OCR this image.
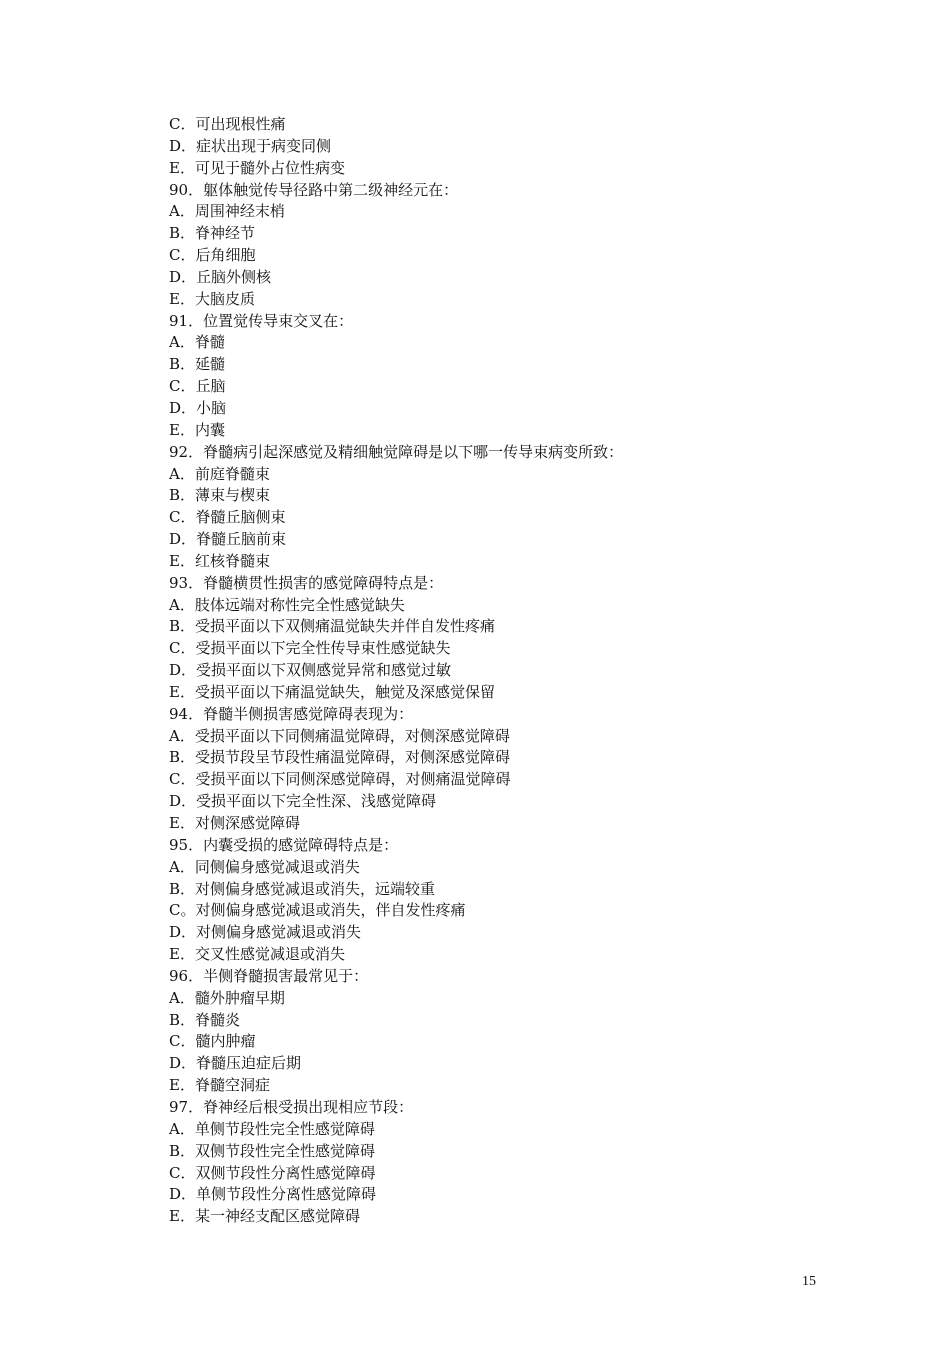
C．可出现根性痛
D．症状出现于病变同侧
E．可见于髓外占位性病变
90．躯体触觉传导径路中第二级神经元在：
A．周围神经末梢
B．脊神经节
C．后角细胞
D．丘脑外侧核
E．大脑皮质
91．位置觉传导束交叉在：
A．脊髓
B．延髓
C．丘脑
D．小脑
E．内囊
92．脊髓病引起深感觉及精细触觉障碍是以下哪一传导束病变所致：
A．前庭脊髓束
B．薄束与楔束
C．脊髓丘脑侧束
D．脊髓丘脑前束
E．红核脊髓束
93．脊髓横贯性损害的感觉障碍特点是：
A．肢体远端对称性完全性感觉缺失
B．受损平面以下双侧痛温觉缺失并伴自发性疼痛
C．受损平面以下完全性传导束性感觉缺失
D．受损平面以下双侧感觉异常和感觉过敏
E．受损平面以下痛温觉缺失，触觉及深感觉保留
94．脊髓半侧损害感觉障碍表现为：
A．受损平面以下同侧痛温觉障碍，对侧深感觉障碍
B．受损节段呈节段性痛温觉障碍，对侧深感觉障碍
C．受损平面以下同侧深感觉障碍，对侧痛温觉障碍
D．受损平面以下完全性深、浅感觉障碍
E．对侧深感觉障碍
95．内囊受损的感觉障碍特点是：
A．同侧偏身感觉减退或消失
B．对侧偏身感觉减退或消失，远端较重
C。对侧偏身感觉减退或消失，伴自发性疼痛
D．对侧偏身感觉减退或消失
E．交叉性感觉减退或消失
96．半侧脊髓损害最常见于：
A．髓外肿瘤早期
B．脊髓炎
C．髓内肿瘤
D．脊髓压迫症后期
E．脊髓空洞症
97．脊神经后根受损出现相应节段：
A．单侧节段性完全性感觉障碍
B．双侧节段性完全性感觉障碍
C．双侧节段性分离性感觉障碍
D．单侧节段性分离性感觉障碍
E．某一神经支配区感觉障碍
15
